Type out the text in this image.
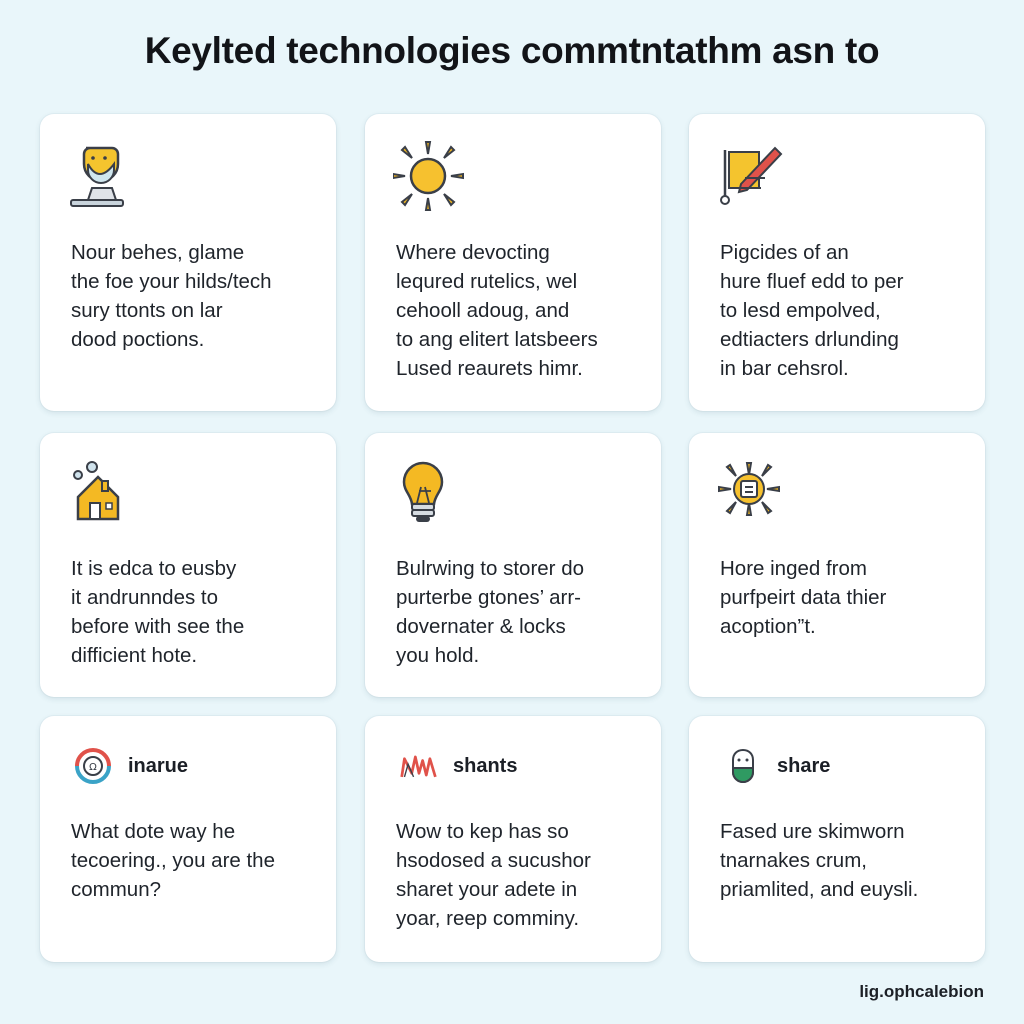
Keylted technologies commtntathm asn to
Nour behes, glame
the foe your hilds/tech
sury ttonts on lar
dood poctions.
Where devocting
lequred rutelics, wel
cehooll adoug, and
to ang elitert latsbeers
Lused reaurets himr.
Pigcides of an
hure fluef edd to per
to lesd empolved,
edtiacters drlunding
in bar cehsrol.
It is edca to eusby
it andrunndes to
before with see the
difficient hote.
Bulrwing to storer do
purterbe gtones’ arr-
dovernater & locks
you hold.
Hore inged from
purfpeirt data thier
acoption”t.
Ω inarue
What dote way he
tecoering., you are the
commun?
shants
Wow to kep has so
hsodosed a sucushor
sharet your adete in
yoar, reep comminy.
share
Fased ure skimworn
tnarnakes crum,
priamlited, and euysli.
lig.ophcalebion
